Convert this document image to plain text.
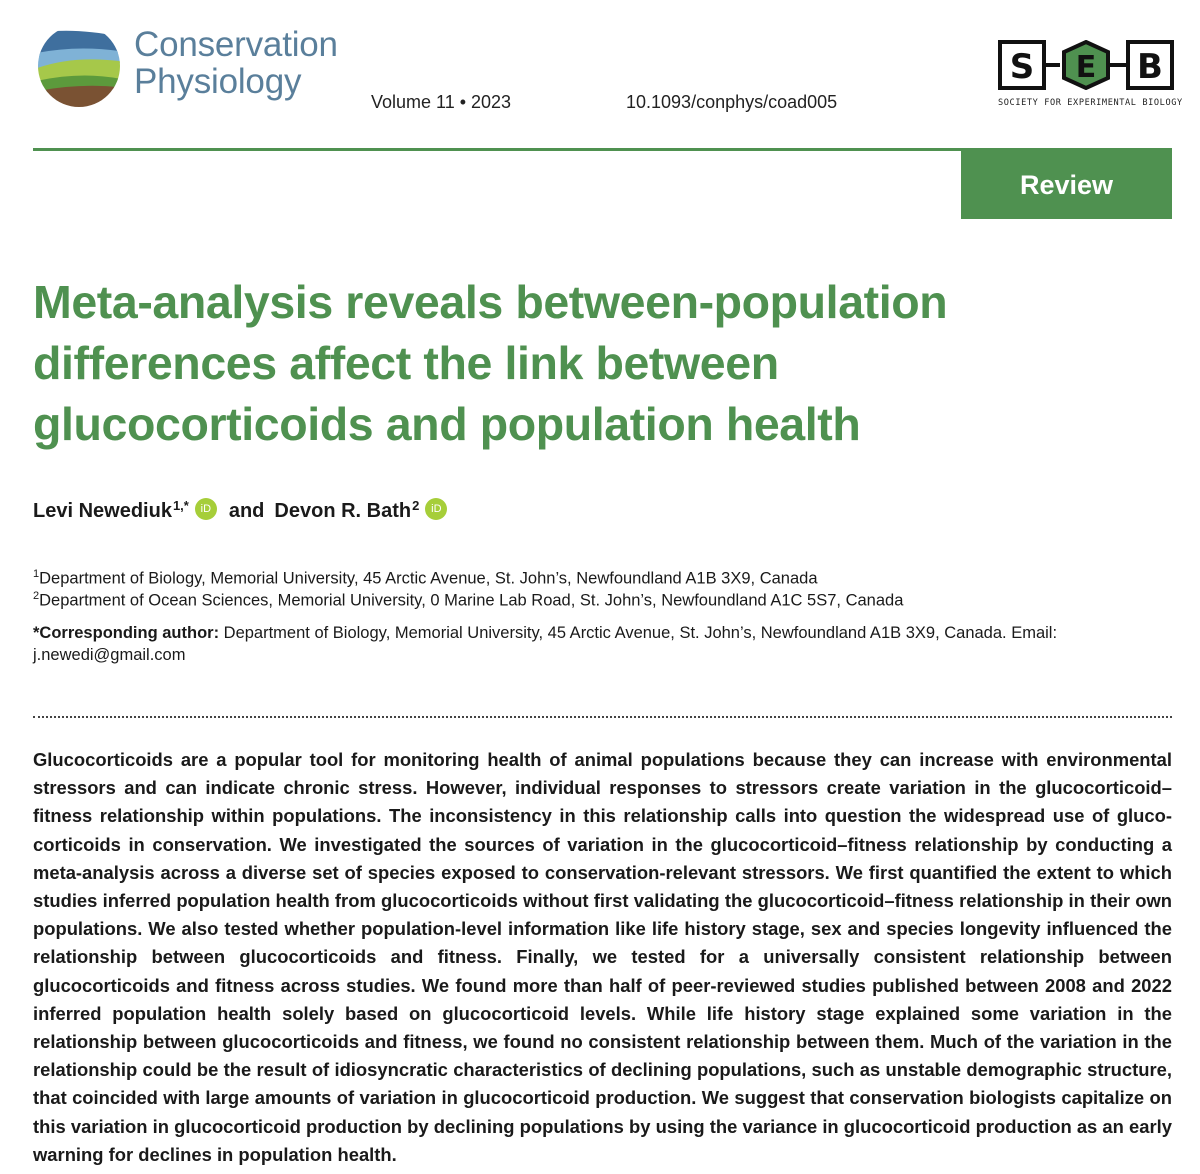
Conservation
Physiology
Volume 11 • 2023	10.1093/conphys/coad005
S E B
SOCIETY FOR EXPERIMENTAL BIOLOGY
Review
Meta-analysis reveals between-population
differences affect the link between
glucocorticoids and population health
Levi Newediuk$^{1,*}$	iD and Devon R. Bath$^2$	iD
$^1$Department of Biology, Memorial University, 45 Arctic Avenue, St. John’s, Newfoundland A1B 3X9, Canada
$^2$Department of Ocean Sciences, Memorial University, 0 Marine Lab Road, St. John’s, Newfoundland A1C 5S7, Canada
*Corresponding author: Department of Biology, Memorial University, 45 Arctic Avenue, St. John’s, Newfoundland A1B 3X9, Canada. Email: j.newedi@gmail.com

Glucocorticoids are a popular tool for monitoring health of animal populations because they can increase with environmental stressors and can indicate chronic stress. However, individual responses to stressors create variation in the glucocorticoid–fitness relationship within populations. The inconsistency in this relationship calls into question the widespread use of gluco-corticoids in conservation. We investigated the sources of variation in the glucocorticoid–fitness relationship by conducting a meta-analysis across a diverse set of species exposed to conservation-relevant stressors. We first quantified the extent to which studies inferred population health from glucocorticoids without first validating the glucocorticoid–fitness relationship in their own populations. We also tested whether population-level information like life history stage, sex and species longevity influenced the relationship between glucocorticoids and fitness. Finally, we tested for a universally consistent relationship between glucocorticoids and fitness across studies. We found more than half of peer-reviewed studies published between 2008 and 2022 inferred population health solely based on glucocorticoid levels. While life history stage explained some variation in the relationship between glucocorticoids and fitness, we found no consistent relationship between them. Much of the variation in the relationship could be the result of idiosyncratic characteristics of declining populations, such as unstable demographic structure, that coincided with large amounts of variation in glucocorticoid production. We suggest that conservation biologists capitalize on this variation in glucocorticoid production by declining populations by using the variance in glucocorticoid production as an early warning for declines in population health.
